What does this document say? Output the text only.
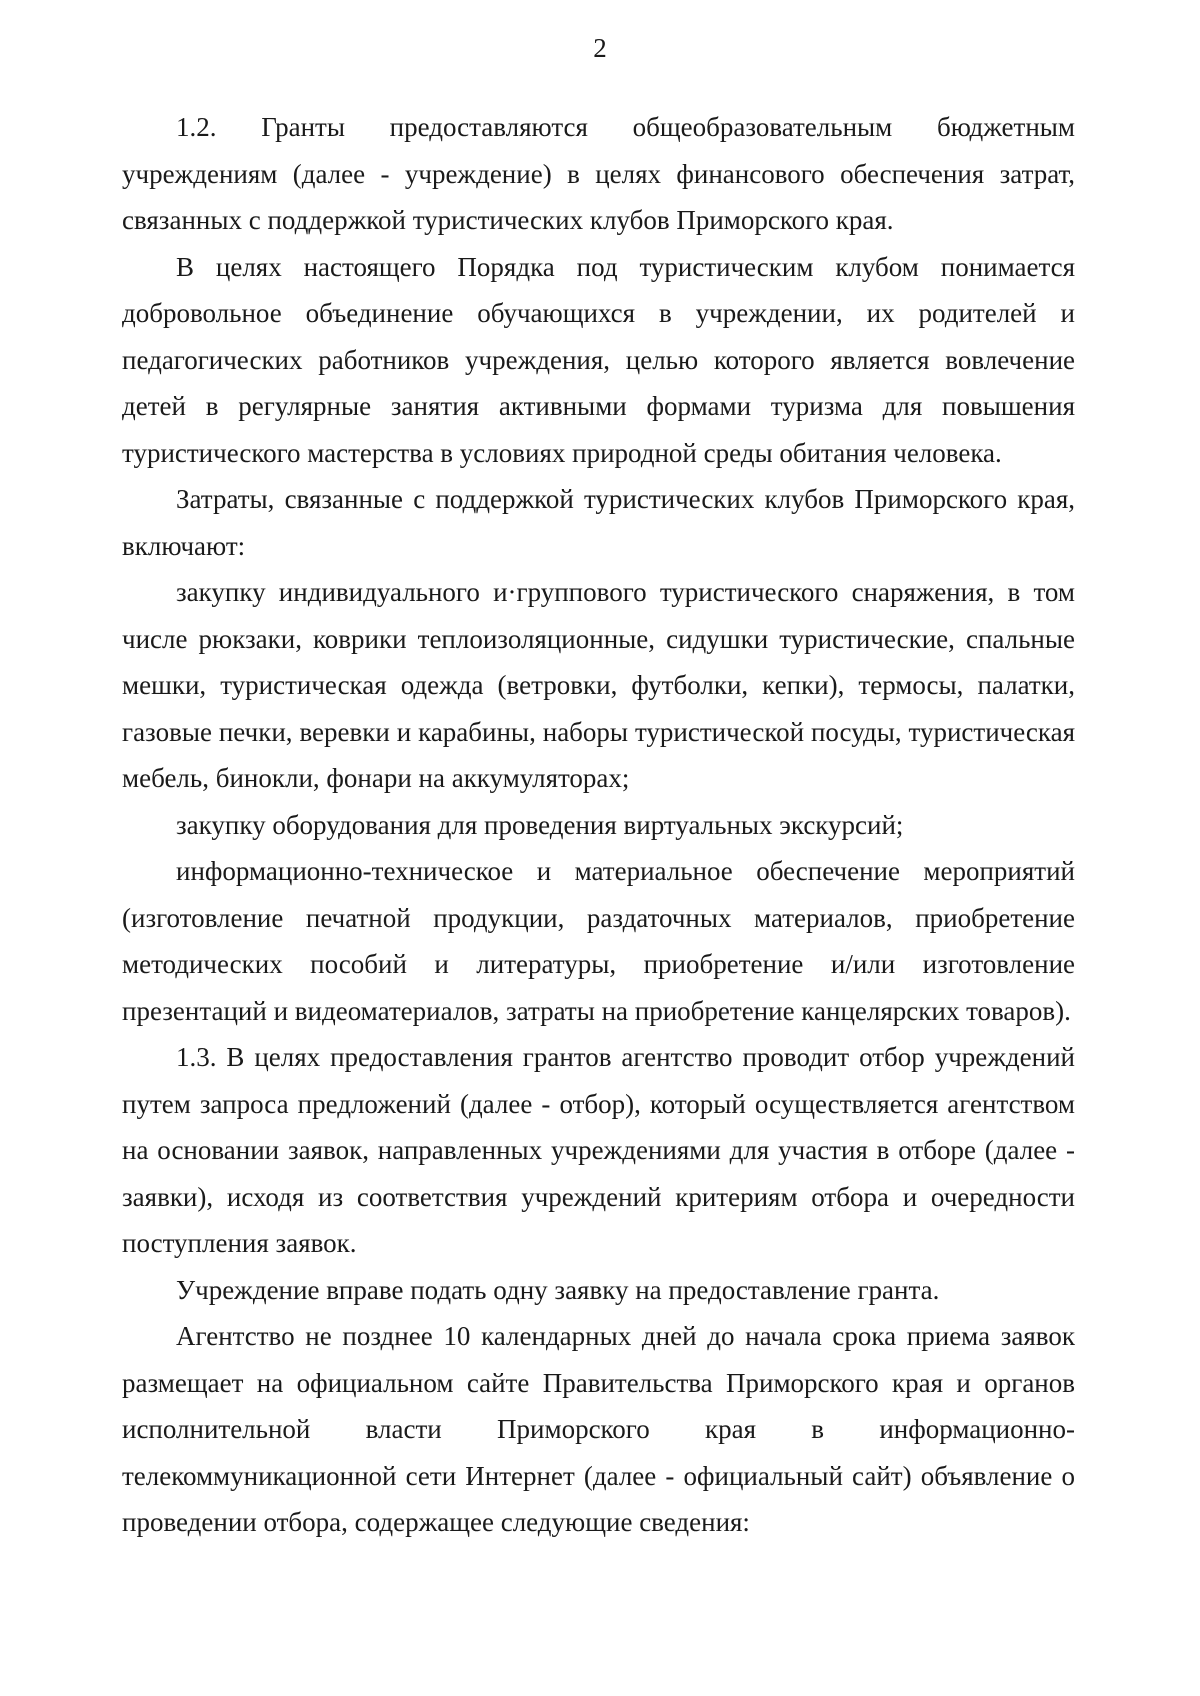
2

1.2. Гранты предоставляются общеобразовательным бюджетным учреждениям (далее - учреждение) в целях финансового обеспечения затрат, связанных с поддержкой туристических клубов Приморского края.

В целях настоящего Порядка под туристическим клубом понимается добровольное объединение обучающихся в учреждении, их родителей и педагогических работников учреждения, целью которого является вовлечение детей в регулярные занятия активными формами туризма для повышения туристического мастерства в условиях природной среды обитания человека.

Затраты, связанные с поддержкой туристических клубов Приморского края, включают:

закупку индивидуального и·группового туристического снаряжения, в том числе рюкзаки, коврики теплоизоляционные, сидушки туристические, спальные мешки, туристическая одежда (ветровки, футболки, кепки), термосы, палатки, газовые печки, веревки и карабины, наборы туристической посуды, туристическая мебель, бинокли, фонари на аккумуляторах;

закупку оборудования для проведения виртуальных экскурсий;

информационно-техническое и материальное обеспечение мероприятий (изготовление печатной продукции, раздаточных материалов, приобретение методических пособий и литературы, приобретение и/или изготовление презентаций и видеоматериалов, затраты на приобретение канцелярских товаров).

1.3. В целях предоставления грантов агентство проводит отбор учреждений путем запроса предложений (далее - отбор), который осуществляется агентством на основании заявок, направленных учреждениями для участия в отборе (далее - заявки), исходя из соответствия учреждений критериям отбора и очередности поступления заявок.

Учреждение вправе подать одну заявку на предоставление гранта.

Агентство не позднее 10 календарных дней до начала срока приема заявок размещает на официальном сайте Правительства Приморского края и органов исполнительной власти Приморского края в информационно-телекоммуникационной сети Интернет (далее - официальный сайт) объявление о проведении отбора, содержащее следующие сведения:
